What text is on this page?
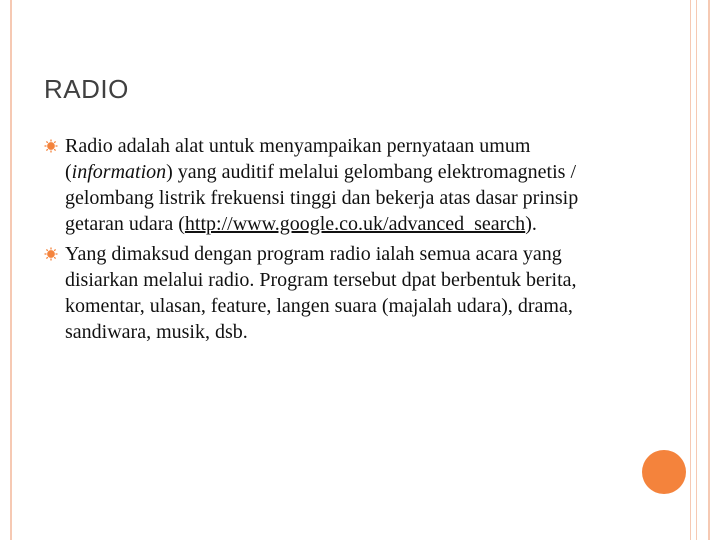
RADIO
Radio adalah alat untuk menyampaikan pernyataan umum (information) yang auditif melalui gelombang elektromagnetis / gelombang listrik frekuensi tinggi dan bekerja atas dasar prinsip getaran udara (http://www.google.co.uk/advanced_search).
Yang dimaksud dengan program radio ialah semua acara yang disiarkan melalui radio. Program tersebut dpat berbentuk berita, komentar, ulasan, feature, langen suara (majalah udara), drama, sandiwara, musik, dsb.
